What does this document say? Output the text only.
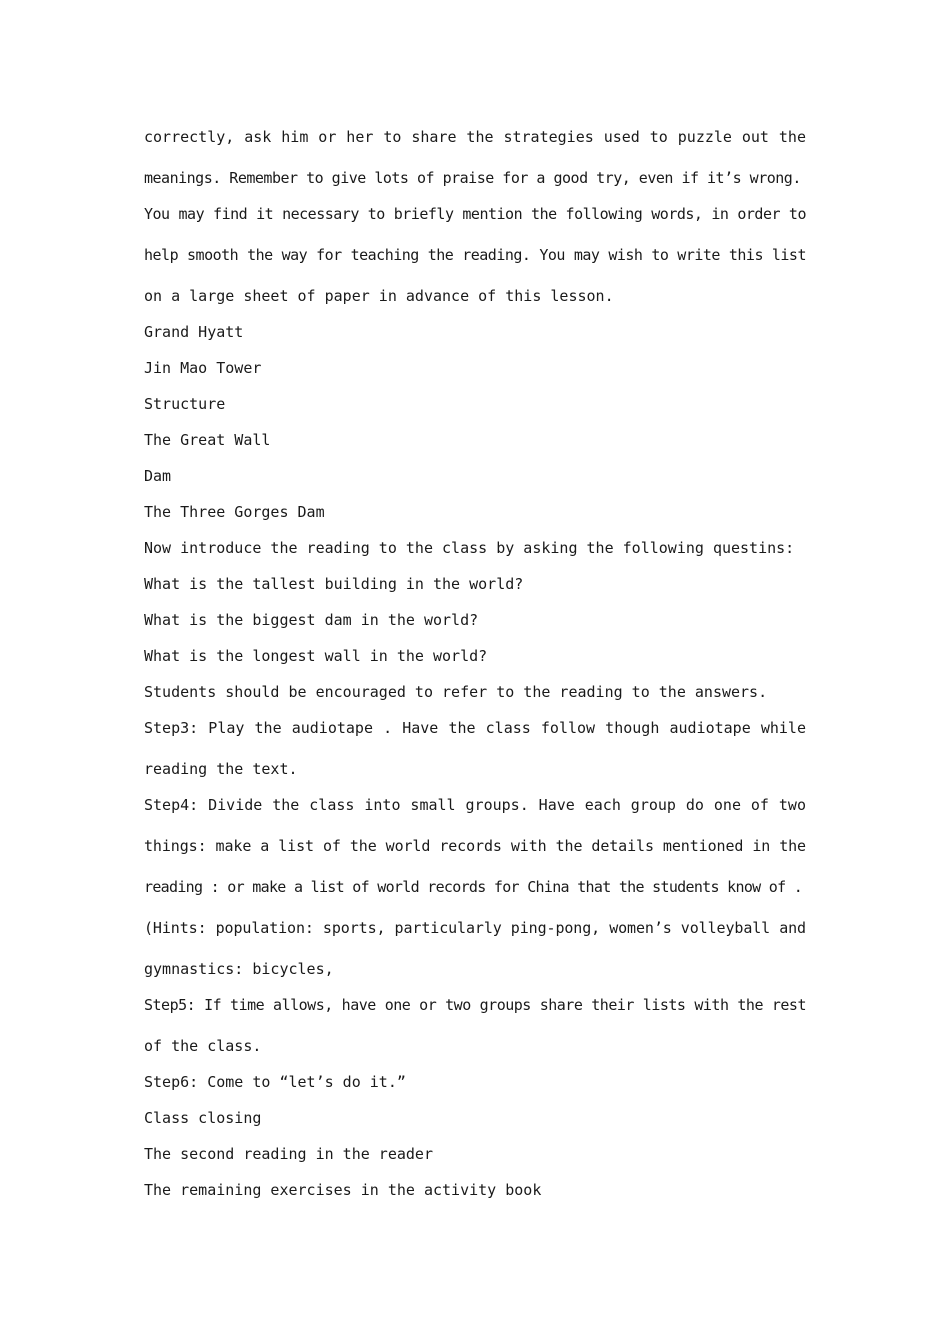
correctly, ask him or her to share the strategies used to puzzle out the
meanings. Remember to give lots of praise for a good try, even if it’s wrong.
You may find it necessary to briefly mention the following words, in order to
help smooth the way for teaching the reading. You may wish to write this list
on a large sheet of paper in advance of this lesson.
Grand Hyatt
Jin Mao Tower
Structure
The Great Wall
Dam
The Three Gorges Dam
Now introduce the reading to the class by asking the following questins:
What is the tallest building in the world?
What is the biggest dam in the world?
What is the longest wall in the world?
Students should be encouraged to refer to the reading to the answers.
Step3: Play the audiotape . Have the class follow though audiotape while
reading the text.
Step4: Divide the class into small groups. Have each group do one of two
things: make a list of the world records with the details mentioned in the
reading : or make a list of world records for China that the students know of .
(Hints: population: sports, particularly ping-pong, women’s volleyball and
gymnastics: bicycles,
Step5: If time allows, have one or two groups share their lists with the rest
of the class.
Step6: Come to “let’s do it.”
Class closing
The second reading in the reader
The remaining exercises in the activity book
